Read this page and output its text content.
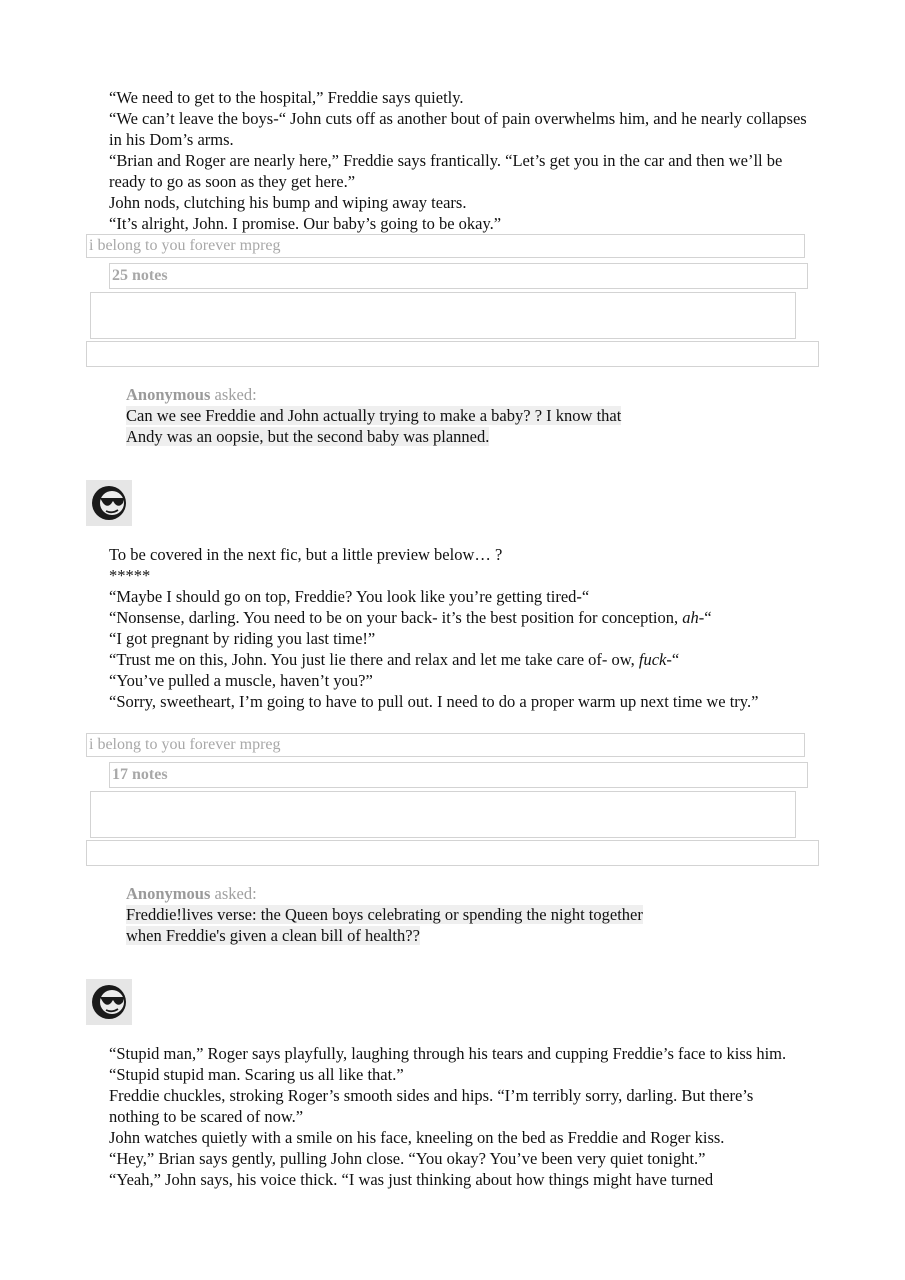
“We need to get to the hospital,” Freddie says quietly.

“We can’t leave the boys-“ John cuts off as another bout of pain overwhelms him, and he nearly collapses in his Dom’s arms.

“Brian and Roger are nearly here,” Freddie says frantically. “Let’s get you in the car and then we’ll be ready to go as soon as they get here.”

John nods, clutching his bump and wiping away tears.

“It’s alright, John. I promise. Our baby’s going to be okay.”

i belong to you forever mpreg
25 notes
Anonymous asked:
Can we see Freddie and John actually trying to make a baby? ? I know that
Andy was an oopsie, but the second baby was planned.

To be covered in the next fic, but a little preview below… ?

*****

“Maybe I should go on top, Freddie? You look like you’re getting tired-“

“Nonsense, darling. You need to be on your back- it’s the best position for conception, ah-“

“I got pregnant by riding you last time!”

“Trust me on this, John. You just lie there and relax and let me take care of- ow, fuck-“

“You’ve pulled a muscle, haven’t you?”

“Sorry, sweetheart, I’m going to have to pull out. I need to do a proper warm up next time we try.”

i belong to you forever mpreg
17 notes
Anonymous asked:
Freddie!lives verse: the Queen boys celebrating or spending the night together
when Freddie's given a clean bill of health??

“Stupid man,” Roger says playfully, laughing through his tears and cupping Freddie’s face to kiss him. “Stupid stupid man. Scaring us all like that.”

Freddie chuckles, stroking Roger’s smooth sides and hips. “I’m terribly sorry, darling. But there’s nothing to be scared of now.”

John watches quietly with a smile on his face, kneeling on the bed as Freddie and Roger kiss.

“Hey,” Brian says gently, pulling John close. “You okay? You’ve been very quiet tonight.”

“Yeah,” John says, his voice thick. “I was just thinking about how things might have turned
